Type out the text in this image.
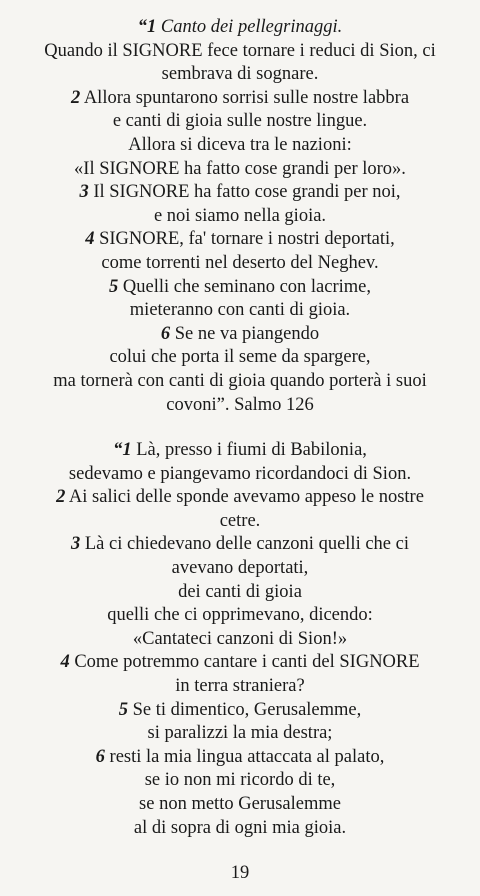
“1 Canto dei pellegrinaggi.
Quando il SIGNORE fece tornare i reduci di Sion, ci
sembrava di sognare.
2 Allora spuntarono sorrisi sulle nostre labbra
e canti di gioia sulle nostre lingue.
Allora si diceva tra le nazioni:
«Il SIGNORE ha fatto cose grandi per loro».
3 Il SIGNORE ha fatto cose grandi per noi,
e noi siamo nella gioia.
4 SIGNORE, fa' tornare i nostri deportati,
come torrenti nel deserto del Neghev.
5 Quelli che seminano con lacrime,
mieteranno con canti di gioia.
6 Se ne va piangendo
colui che porta il seme da spargere,
ma tornerà con canti di gioia quando porterà i suoi
covoni”. Salmo 126
“1 Là, presso i fiumi di Babilonia,
sedevamo e piangevamo ricordandoci di Sion.
2 Ai salici delle sponde avevamo appeso le nostre
cetre.
3 Là ci chiedevano delle canzoni quelli che ci
avevano deportati,
dei canti di gioia
quelli che ci opprimevano, dicendo:
«Cantateci canzoni di Sion!»
4 Come potremmo cantare i canti del SIGNORE
in terra straniera?
5 Se ti dimentico, Gerusalemme,
si paralizzi la mia destra;
6 resti la mia lingua attaccata al palato,
se io non mi ricordo di te,
se non metto Gerusalemme
al di sopra di ogni mia gioia.
19
